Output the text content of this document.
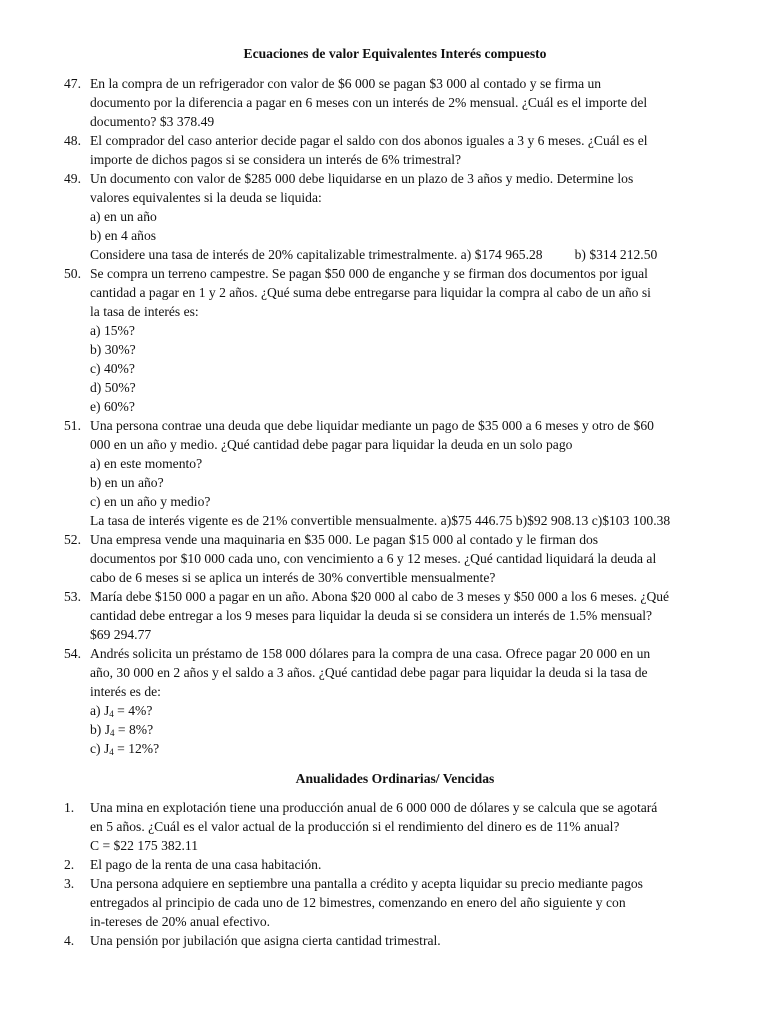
Ecuaciones de valor Equivalentes Interés compuesto
47. En la compra de un refrigerador con valor de $6 000 se pagan $3 000 al contado y se firma un
documento por la diferencia a pagar en 6 meses con un interés de 2% mensual. ¿Cuál es el importe del
documento? $3 378.49
48. El comprador del caso anterior decide pagar el saldo con dos abonos iguales a 3 y 6 meses. ¿Cuál es el
importe de dichos pagos si se considera un interés de 6% trimestral?
49. Un documento con valor de $285 000 debe liquidarse en un plazo de 3 años y medio. Determine los
valores equivalentes si la deuda se liquida:
a) en un año
b) en 4 años
Considere una tasa de interés de 20% capitalizable trimestralmente. a) $174 965.28 b) $314 212.50
50. Se compra un terreno campestre. Se pagan $50 000 de enganche y se firman dos documentos por igual
cantidad a pagar en 1 y 2 años. ¿Qué suma debe entregarse para liquidar la compra al cabo de un año si
la tasa de interés es:
a) 15%?
b) 30%?
c) 40%?
d) 50%?
e) 60%?
51. Una persona contrae una deuda que debe liquidar mediante un pago de $35 000 a 6 meses y otro de $60
000 en un año y medio. ¿Qué cantidad debe pagar para liquidar la deuda en un solo pago
a) en este momento?
b) en un año?
c) en un año y medio?
La tasa de interés vigente es de 21% convertible mensualmente. a)$75 446.75 b)$92 908.13 c)$103 100.38
52. Una empresa vende una maquinaria en $35 000. Le pagan $15 000 al contado y le firman dos
documentos por $10 000 cada uno, con vencimiento a 6 y 12 meses. ¿Qué cantidad liquidará la deuda al
cabo de 6 meses si se aplica un interés de 30% convertible mensualmente?
53. María debe $150 000 a pagar en un año. Abona $20 000 al cabo de 3 meses y $50 000 a los 6 meses. ¿Qué
cantidad debe entregar a los 9 meses para liquidar la deuda si se considera un interés de 1.5% mensual?
$69 294.77
54. Andrés solicita un préstamo de 158 000 dólares para la compra de una casa. Ofrece pagar 20 000 en un
año, 30 000 en 2 años y el saldo a 3 años. ¿Qué cantidad debe pagar para liquidar la deuda si la tasa de
interés es de:
a) $J_4 = 4\%$?
b) $J_4 = 8\%$?
c) $J_4 = 12\%$?
Anualidades Ordinarias/ Vencidas
1. Una mina en explotación tiene una producción anual de 6 000 000 de dólares y se calcula que se agotará
en 5 años. ¿Cuál es el valor actual de la producción si el rendimiento del dinero es de 11% anual?
C = $22 175 382.11
2. El pago de la renta de una casa habitación.
3. Una persona adquiere en septiembre una pantalla a crédito y acepta liquidar su precio mediante pagos
entregados al principio de cada uno de 12 bimestres, comenzando en enero del año siguiente y con
in-tereses de 20% anual efectivo.
4. Una pensión por jubilación que asigna cierta cantidad trimestral.
